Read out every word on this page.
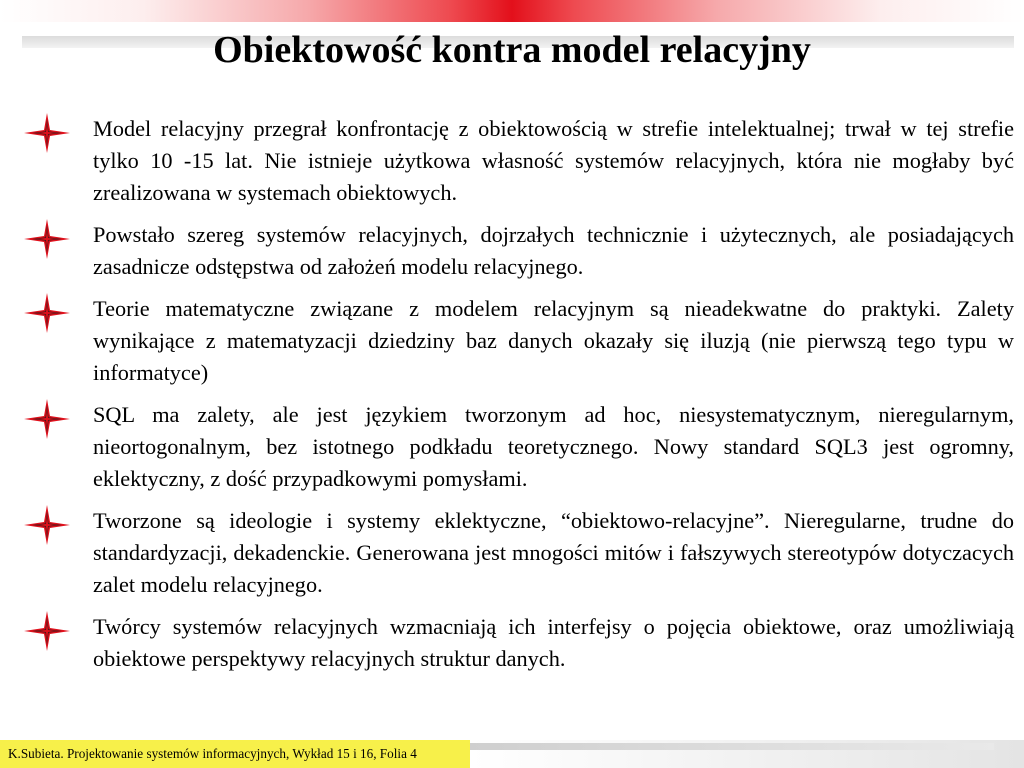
Obiektowość kontra model relacyjny
Model relacyjny przegrał konfrontację z obiektowością w strefie intelektualnej; trwał w tej strefie tylko 10 -15 lat. Nie istnieje użytkowa własność systemów relacyjnych, która nie mogłaby być zrealizowana w systemach obiektowych.
Powstało szereg systemów relacyjnych, dojrzałych technicznie i użytecznych, ale posiadających zasadnicze odstępstwa od założeń modelu relacyjnego.
Teorie matematyczne związane z modelem relacyjnym są nieadekwatne do praktyki. Zalety wynikające z matematyzacji dziedziny baz danych okazały się iluzją (nie pierwszą tego typu w informatyce)
SQL ma zalety, ale jest językiem tworzonym ad hoc, niesystematycznym, nieregularnym, nieortogonalnym, bez istotnego podkładu teoretycznego. Nowy standard SQL3 jest ogromny, eklektyczny, z dość przypadkowymi pomysłami.
Tworzone są ideologie i systemy eklektyczne, “obiektowo-relacyjne”. Nieregularne, trudne do standardyzacji, dekadenckie. Generowana jest mnogości mitów i fałszywych stereotypów dotyczacych zalet modelu relacyjnego.
Twórcy systemów relacyjnych wzmacniają ich interfejsy o pojęcia obiektowe, oraz umożliwiają obiektowe perspektywy relacyjnych struktur danych.
K.Subieta. Projektowanie systemów informacyjnych, Wykład 15 i 16, Folia 4
